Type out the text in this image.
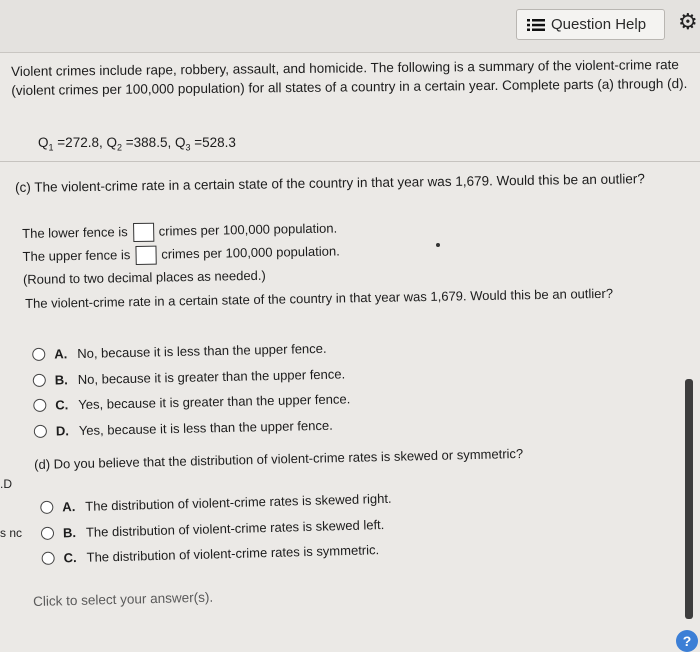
Question Help ⚙
Violent crimes include rape, robbery, assault, and homicide. The following is a summary of the violent-crime rate (violent crimes per 100,000 population) for all states of a country in a certain year. Complete parts (a) through (d).
$Q_1 =272.8$, $Q_2 =388.5$, $Q_3 =528.3$
(c) The violent-crime rate in a certain state of the country in that year was 1,679. Would this be an outlier?
The lower fence is crimes per 100,000 population.
The upper fence is crimes per 100,000 population.
(Round to two decimal places as needed.)
The violent-crime rate in a certain state of the country in that year was 1,679. Would this be an outlier?
A. No, because it is less than the upper fence.
B. No, because it is greater than the upper fence.
C. Yes, because it is greater than the upper fence.
D. Yes, because it is less than the upper fence.
(d) Do you believe that the distribution of violent-crime rates is skewed or symmetric?
A. The distribution of violent-crime rates is skewed right.
B. The distribution of violent-crime rates is skewed left.
C. The distribution of violent-crime rates is symmetric.
.D
s nc
Click to select your answer(s).
?
